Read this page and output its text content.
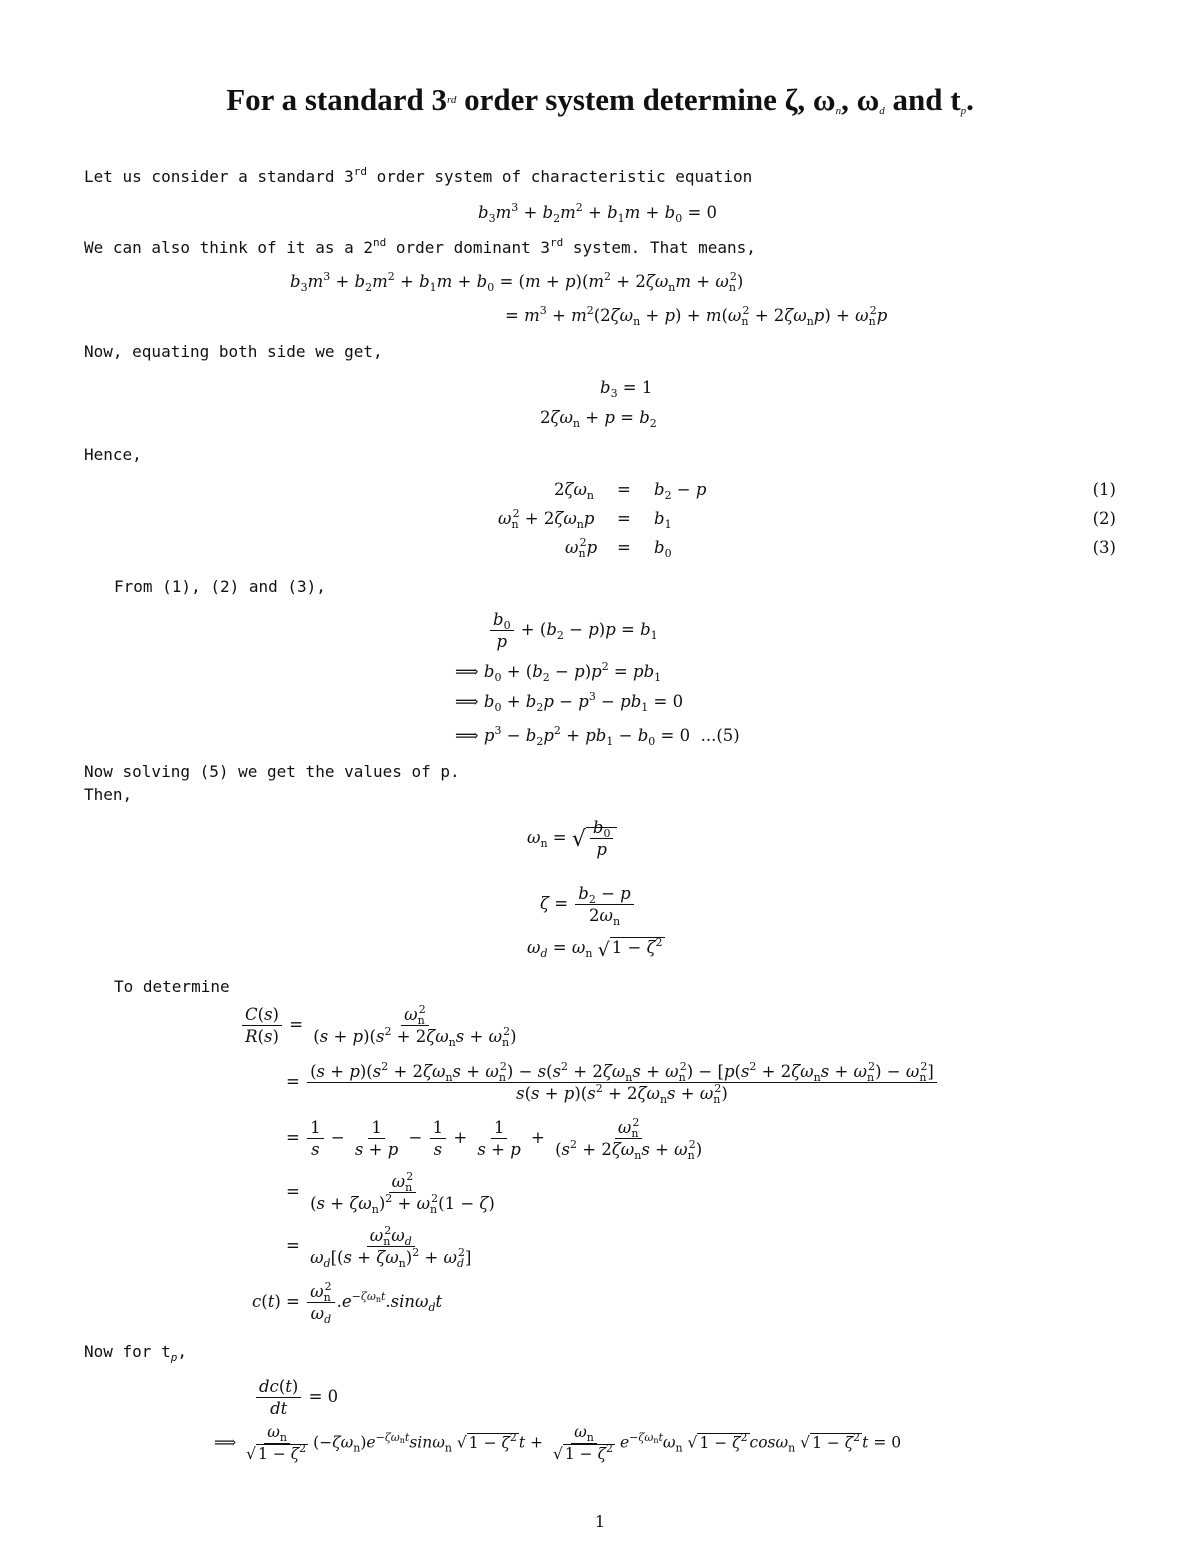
For a standard 3rd order system determine ζ, $\omega_n$, $\omega_d$ and $t_p$.
Let us consider a standard 3rd order system of characteristic equation
$b_3m^3 + b_2m^2 + b_1m + b_0 = 0$
We can also think of it as a 2nd order dominant 3rd system. That means,
$b_3m^3 + b_2m^2 + b_1m + b_0 = (m + p)(m^2 + 2\zeta\omega_nm + \omega_n^2)$
= $m^3 + m^2(2\zeta\omega_n + p) + m(\omega_n^2 + 2\zeta\omega_np) + \omega_n^2p$
Now, equating both side we get,
$b_3 = 1$
$2\zeta\omega_n + p = b_2$
Hence,
$2\zeta\omega_n = b_2 - p$	(1)
$\omega_n^2 + 2\zeta\omega_np = b_1$	(2)
$\omega_n^2p = b_0$	(3)
From (1), (2) and (3),
$\frac{b_0}{p} + (b_2 - p)p = b_1$
⟹ $b_0 + (b_2 - p)p^2 = pb_1$
⟹ $b_0 + b_2p - p^3 - pb_1 = 0$
⟹ $p^3 - b_2p^2 + pb_1 - b_0 = 0$  ...(5)
Now solving (5) we get the values of p.
Then,
$\omega_n$ = √ $\frac{b_0}{p}$
$\zeta = \frac{b_2 - p}{2\omega_n}$
$\omega_d = \omega_n$ √ $1 - \zeta^2$
To determine
$\frac{C(s)}{R(s)} = \frac{\omega_n^2}{(s + p)(s^2 + 2\zeta\omega_ns + \omega_n^2)}$
=
$(s + p)(s^2 + 2\zeta\omega_ns + \omega_n^2) - s(s^2 + 2\zeta\omega_ns + \omega_n^2) - [p(s^2 + 2\zeta\omega_ns + \omega_n^2) - \omega_n^2]$
$s(s + p)(s^2 + 2\zeta\omega_ns + \omega_n^2)$
= $\frac{1}{s} - \frac{1}{s + p} - \frac{1}{s} + \frac{1}{s + p} + \frac{\omega_n^2}{(s^2 + 2\zeta\omega_ns + \omega_n^2)}$
= $\frac{\omega_n^2}{(s + \zeta\omega_n)^2 + \omega_n^2(1 - \zeta)}$
= $\frac{\omega_n^2\omega_d}{\omega_d[(s + \zeta\omega_n)^2 + \omega_d^2]}$
$c(t) = \frac{\omega_n^2}{\omega_d} .e^{-\zeta\omega_nt}.\sin\omega_dt$
Now for $t_p$,
$\frac{dc(t)}{dt} = 0$
⟹ $\frac{\omega_n}{√ 1 - \zeta^2} (-\zeta\omega_n)e^{-\zeta\omega_nt}\sin\omega_n$ √ $1 - \zeta^2$ $t + \frac{\omega_n}{√ 1 - \zeta^2} e^{-\zeta\omega_nt}\omega_n$ √ $1 - \zeta^2$ cosω$_n$ √ $1 - \zeta^2$ t = 0
1
